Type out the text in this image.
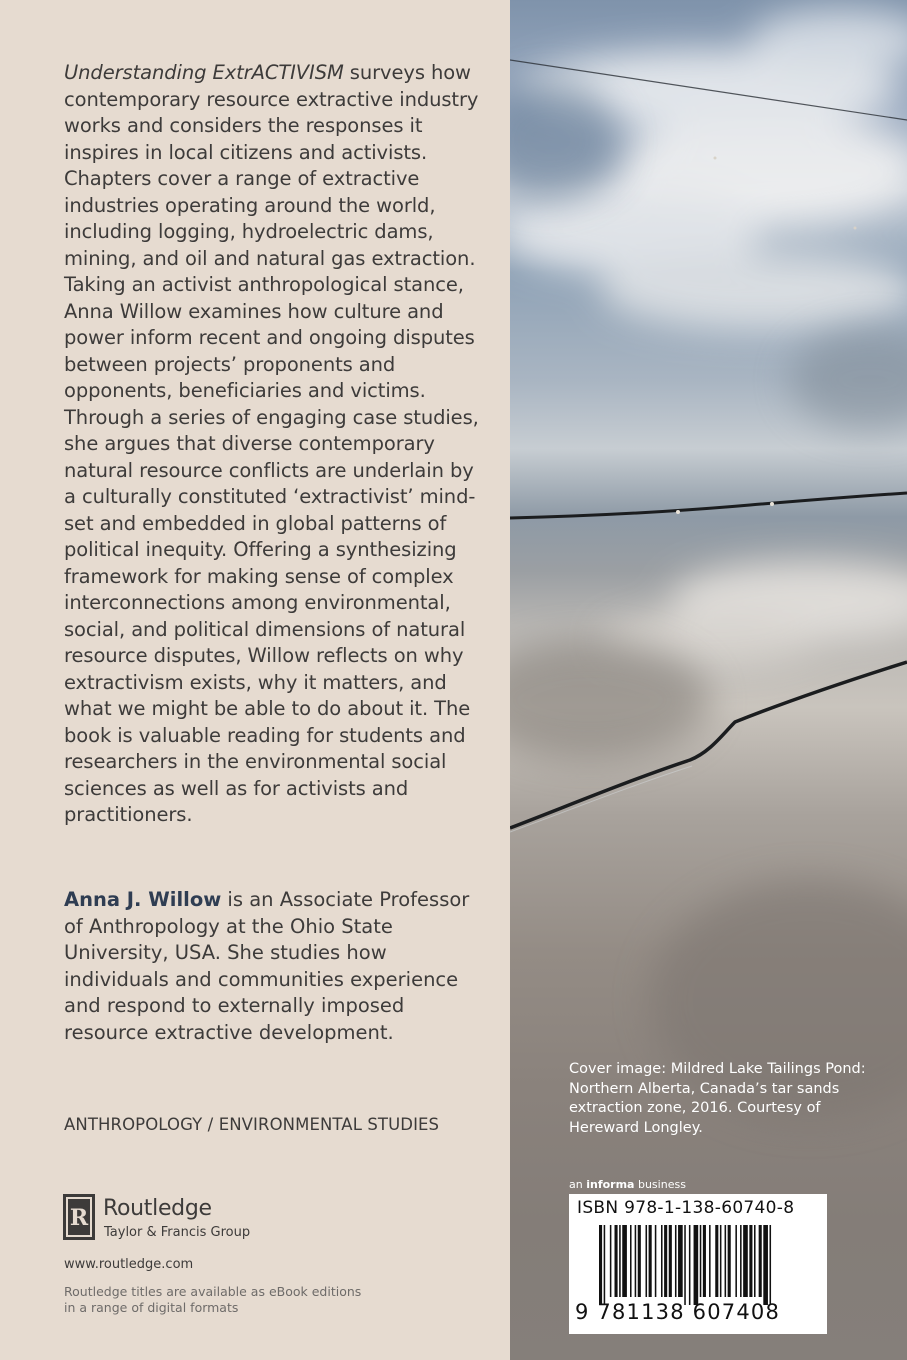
Understanding ExtrACTIVISM surveys how contemporary resource extractive industry works and considers the responses it inspires in local citizens and activists. Chapters cover a range of extractive industries operating around the world, including logging, hydroelectric dams, mining, and oil and natural gas extraction. Taking an activist anthropological stance, Anna Willow examines how culture and power inform recent and ongoing disputes between projects’ proponents and opponents, beneficiaries and victims. Through a series of engaging case studies, she argues that diverse contemporary natural resource conflicts are underlain by a culturally constituted ‘extractivist’ mind-set and embedded in global patterns of political inequity. Offering a synthesizing framework for making sense of complex interconnections among environmental, social, and political dimensions of natural resource disputes, Willow reflects on why extractivism exists, why it matters, and what we might be able to do about it. The book is valuable reading for students and researchers in the environmental social sciences as well as for activists and practitioners.
Anna J. Willow is an Associate Professor of Anthropology at the Ohio State University, USA. She studies how individuals and communities experience and respond to externally imposed resource extractive development.
ANTHROPOLOGY / ENVIRONMENTAL STUDIES
R Routledge
Taylor & Francis Group
www.routledge.com
Routledge titles are available as eBook editions in a range of digital formats
Cover image: Mildred Lake Tailings Pond: Northern Alberta, Canada’s tar sands extraction zone, 2016. Courtesy of Hereward Longley.
an informa business
ISBN 978-1-138-60740-8
9 781138 607408
